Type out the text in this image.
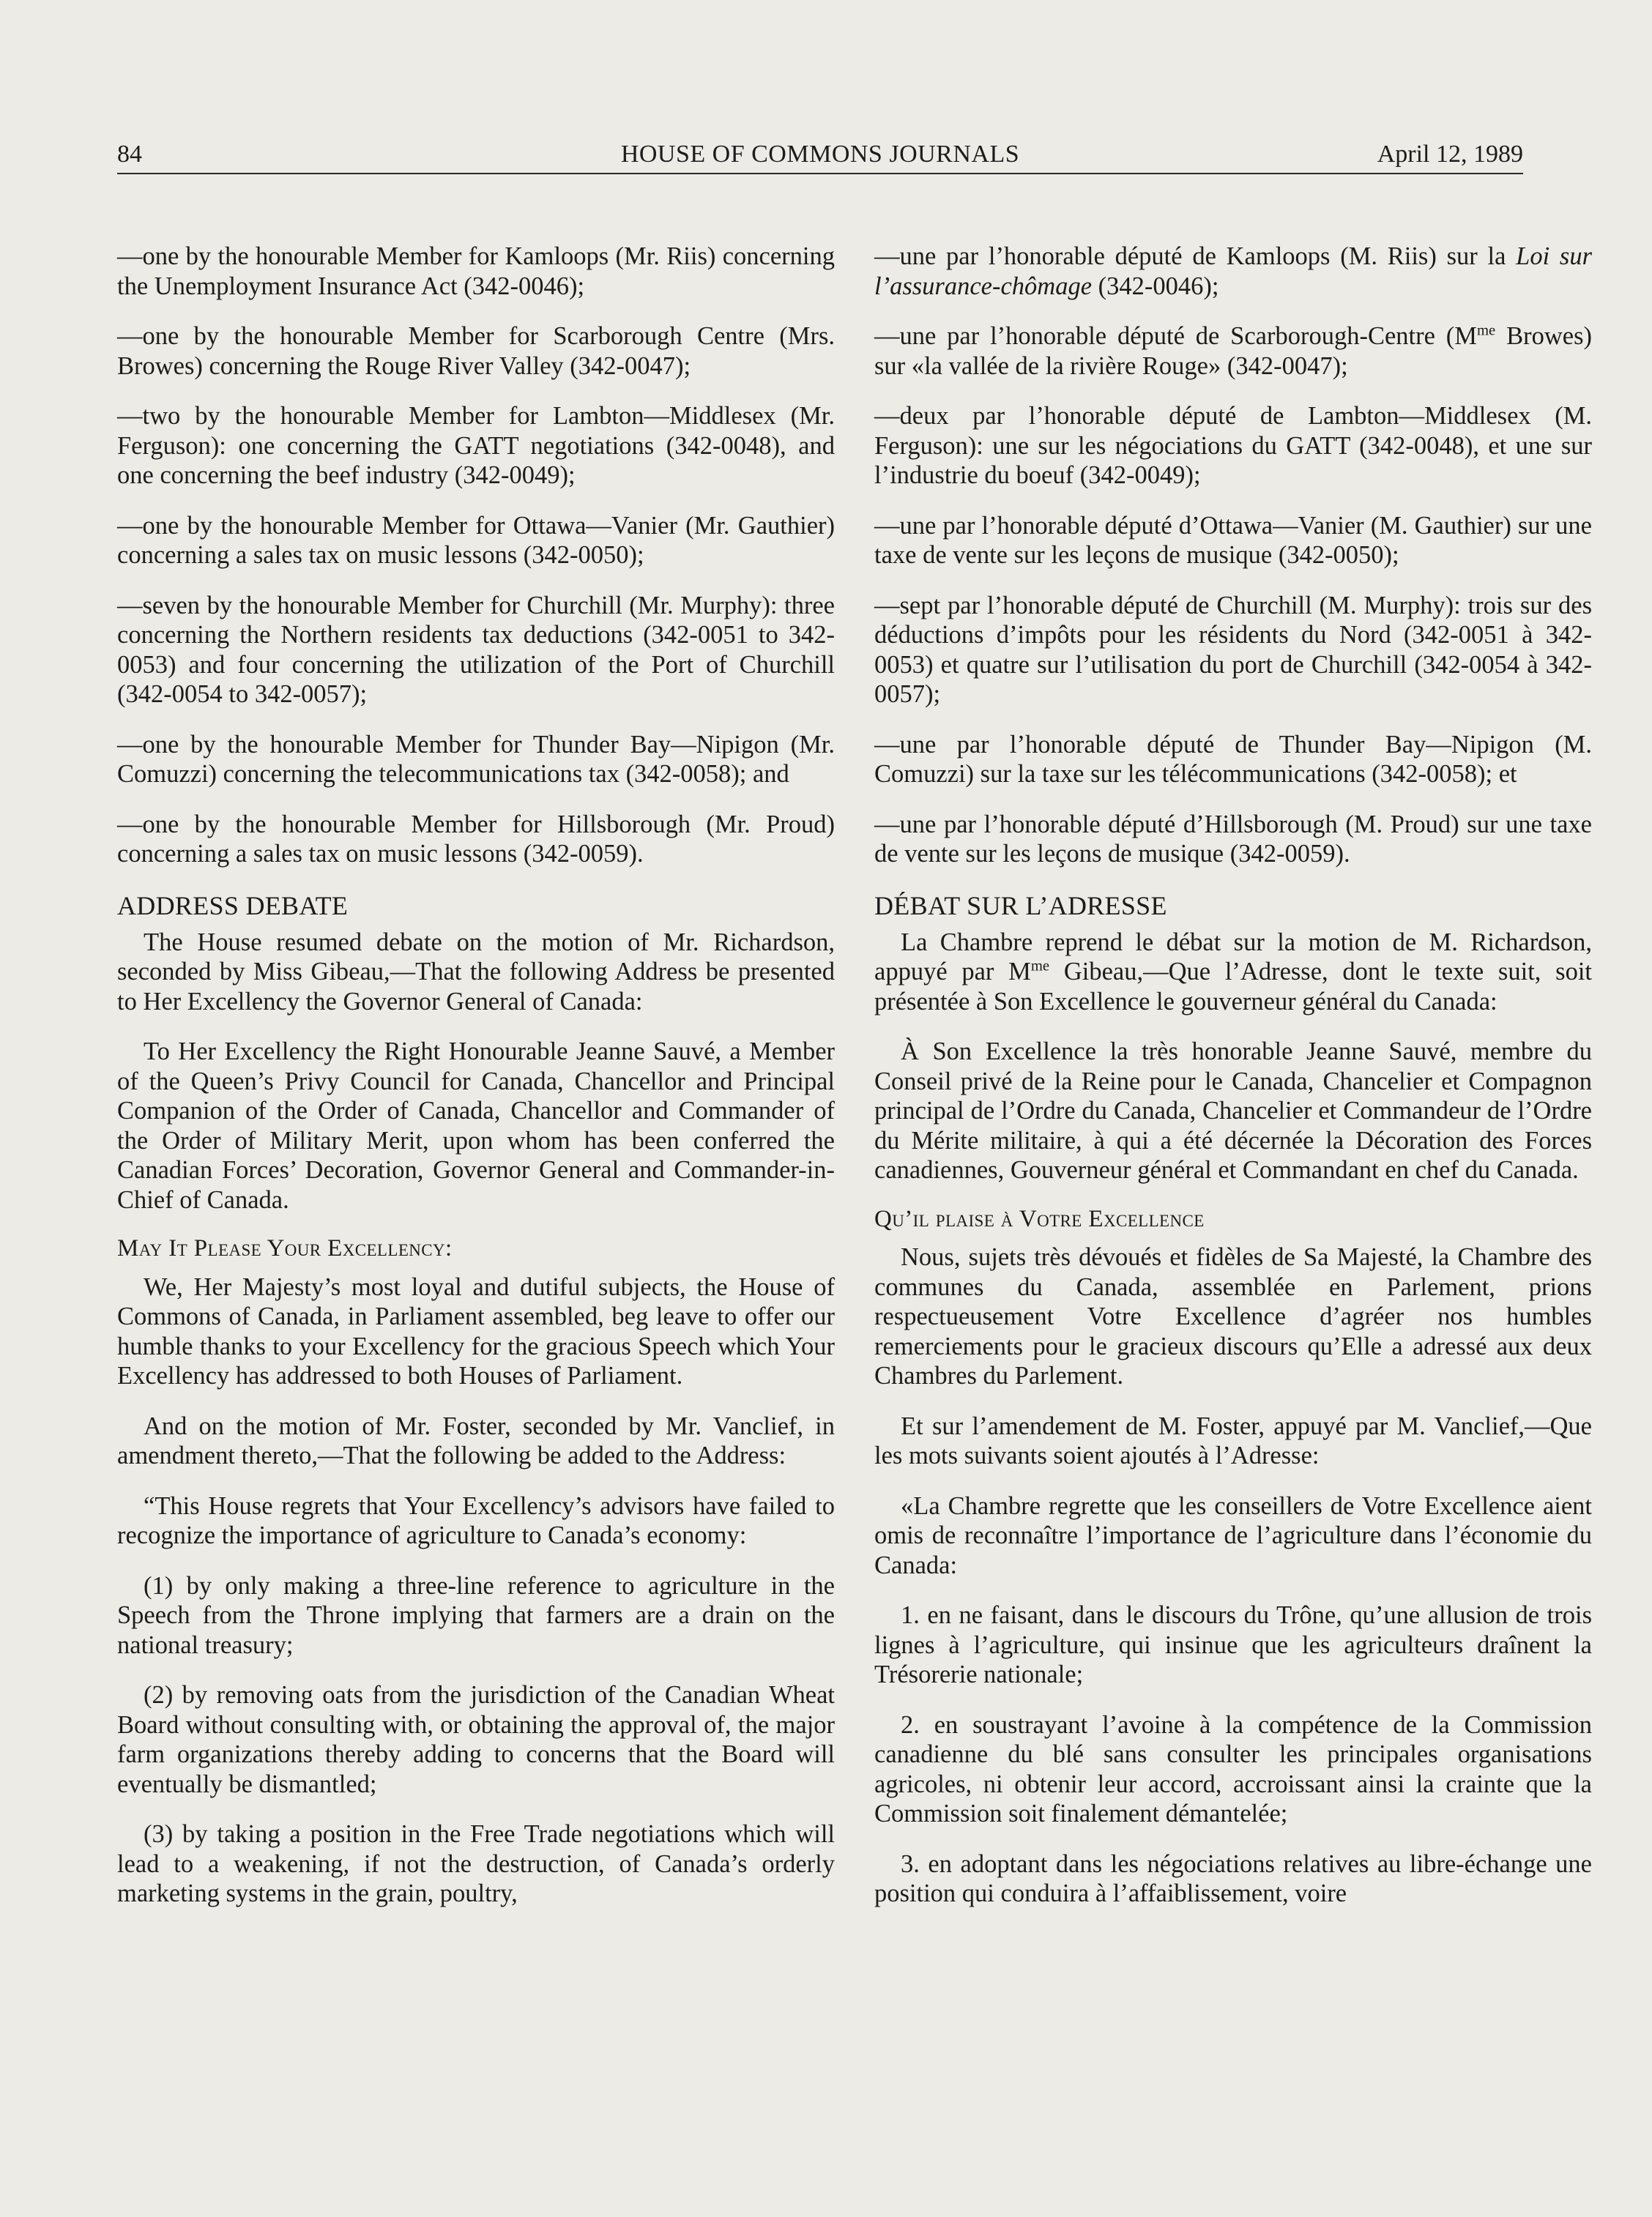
84	HOUSE OF COMMONS JOURNALS	April 12, 1989

—one by the honourable Member for Kamloops (Mr. Riis) concerning the Unemployment Insurance Act (342-0046);

—one by the honourable Member for Scarborough Centre (Mrs. Browes) concerning the Rouge River Valley (342-0047);

—two by the honourable Member for Lambton—Middlesex (Mr. Ferguson): one concerning the GATT negotiations (342-0048), and one concerning the beef industry (342-0049);

—one by the honourable Member for Ottawa—Vanier (Mr. Gauthier) concerning a sales tax on music lessons (342-0050);

—seven by the honourable Member for Churchill (Mr. Murphy): three concerning the Northern residents tax deductions (342-0051 to 342-0053) and four concerning the utilization of the Port of Churchill (342-0054 to 342-0057);

—one by the honourable Member for Thunder Bay—Nipigon (Mr. Comuzzi) concerning the telecommunications tax (342-0058); and

—one by the honourable Member for Hillsborough (Mr. Proud) concerning a sales tax on music lessons (342-0059).

ADDRESS DEBATE

The House resumed debate on the motion of Mr. Richardson, seconded by Miss Gibeau,—That the following Address be presented to Her Excellency the Governor General of Canada:

To Her Excellency the Right Honourable Jeanne Sauvé, a Member of the Queen’s Privy Council for Canada, Chancellor and Principal Companion of the Order of Canada, Chancellor and Commander of the Order of Military Merit, upon whom has been conferred the Canadian Forces’ Decoration, Governor General and Commander-in-Chief of Canada.

May It Please Your Excellency:

We, Her Majesty’s most loyal and dutiful subjects, the House of Commons of Canada, in Parliament assembled, beg leave to offer our humble thanks to your Excellency for the gracious Speech which Your Excellency has addressed to both Houses of Parliament.

And on the motion of Mr. Foster, seconded by Mr. Vanclief, in amendment thereto,—That the following be added to the Address:

“This House regrets that Your Excellency’s advisors have failed to recognize the importance of agriculture to Canada’s economy:

(1) by only making a three-line reference to agriculture in the Speech from the Throne implying that farmers are a drain on the national treasury;

(2) by removing oats from the jurisdiction of the Canadian Wheat Board without consulting with, or obtaining the approval of, the major farm organizations thereby adding to concerns that the Board will eventually be dismantled;

(3) by taking a position in the Free Trade negotiations which will lead to a weakening, if not the destruction, of Canada’s orderly marketing systems in the grain, poultry,

—une par l’honorable député de Kamloops (M. Riis) sur la Loi sur l’assurance-chômage (342-0046);

—une par l’honorable député de Scarborough-Centre ($M^{me}$ Browes) sur «la vallée de la rivière Rouge» (342-0047);

—deux par l’honorable député de Lambton—Middlesex (M. Ferguson): une sur les négociations du GATT (342-0048), et une sur l’industrie du boeuf (342-0049);

—une par l’honorable député d’Ottawa—Vanier (M. Gauthier) sur une taxe de vente sur les leçons de musique (342-0050);

—sept par l’honorable député de Churchill (M. Murphy): trois sur des déductions d’impôts pour les résidents du Nord (342-0051 à 342-0053) et quatre sur l’utilisation du port de Churchill (342-0054 à 342-0057);

—une par l’honorable député de Thunder Bay—Nipigon (M. Comuzzi) sur la taxe sur les télécommunications (342-0058); et

—une par l’honorable député d’Hillsborough (M. Proud) sur une taxe de vente sur les leçons de musique (342-0059).

DÉBAT SUR L’ADRESSE

La Chambre reprend le débat sur la motion de M. Richardson, appuyé par $M^{me}$ Gibeau,—Que l’Adresse, dont le texte suit, soit présentée à Son Excellence le gouverneur général du Canada:

À Son Excellence la très honorable Jeanne Sauvé, membre du Conseil privé de la Reine pour le Canada, Chancelier et Compagnon principal de l’Ordre du Canada, Chancelier et Commandeur de l’Ordre du Mérite militaire, à qui a été décernée la Décoration des Forces canadiennes, Gouverneur général et Commandant en chef du Canada.

Qu’il plaise à Votre Excellence

Nous, sujets très dévoués et fidèles de Sa Majesté, la Chambre des communes du Canada, assemblée en Parlement, prions respectueusement Votre Excellence d’agréer nos humbles remerciements pour le gracieux discours qu’Elle a adressé aux deux Chambres du Parlement.

Et sur l’amendement de M. Foster, appuyé par M. Vanclief,—Que les mots suivants soient ajoutés à l’Adresse:

«La Chambre regrette que les conseillers de Votre Excellence aient omis de reconnaître l’importance de l’agriculture dans l’économie du Canada:

1. en ne faisant, dans le discours du Trône, qu’une allusion de trois lignes à l’agriculture, qui insinue que les agriculteurs draînent la Trésorerie nationale;

2. en soustrayant l’avoine à la compétence de la Commission canadienne du blé sans consulter les principales organisations agricoles, ni obtenir leur accord, accroissant ainsi la crainte que la Commission soit finalement démantelée;

3. en adoptant dans les négociations relatives au libre-échange une position qui conduira à l’affaiblissement, voire
